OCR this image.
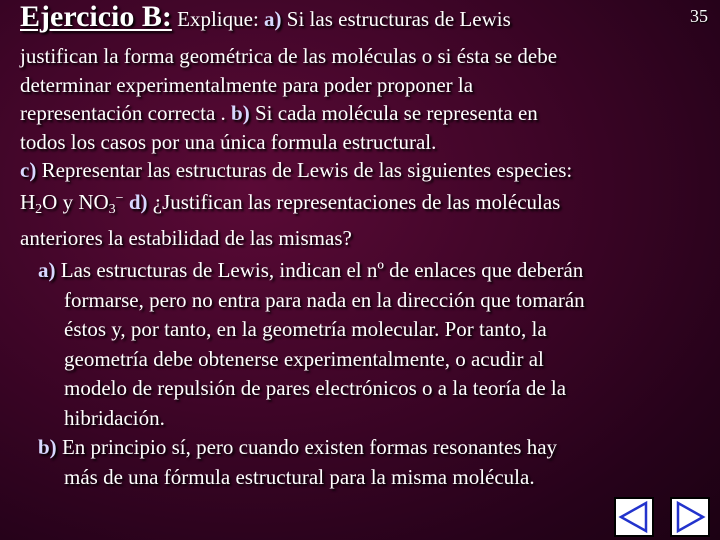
Ejercicio B: Explique: a) Si las estructuras de Lewis	35
justifican la forma geométrica de las moléculas o si ésta se debe
determinar experimentalmente para poder proponer la
representación correcta . b) Si cada molécula se representa en
todos los casos por una única formula estructural.
c) Representar las estructuras de Lewis de las siguientes especies:
$H_2O$ y $NO_3^-$ d) ¿Justifican las representaciones de las moléculas
anteriores la estabilidad de las mismas?
a) Las estructuras de Lewis, indican el nº de enlaces que deberán
formarse, pero no entra para nada en la dirección que tomarán
éstos y, por tanto, en la geometría molecular. Por tanto, la
geometría debe obtenerse experimentalmente, o acudir al
modelo de repulsión de pares electrónicos o a la teoría de la
hibridación.
b) En principio sí, pero cuando existen formas resonantes hay
más de una fórmula estructural para la misma molécula.
